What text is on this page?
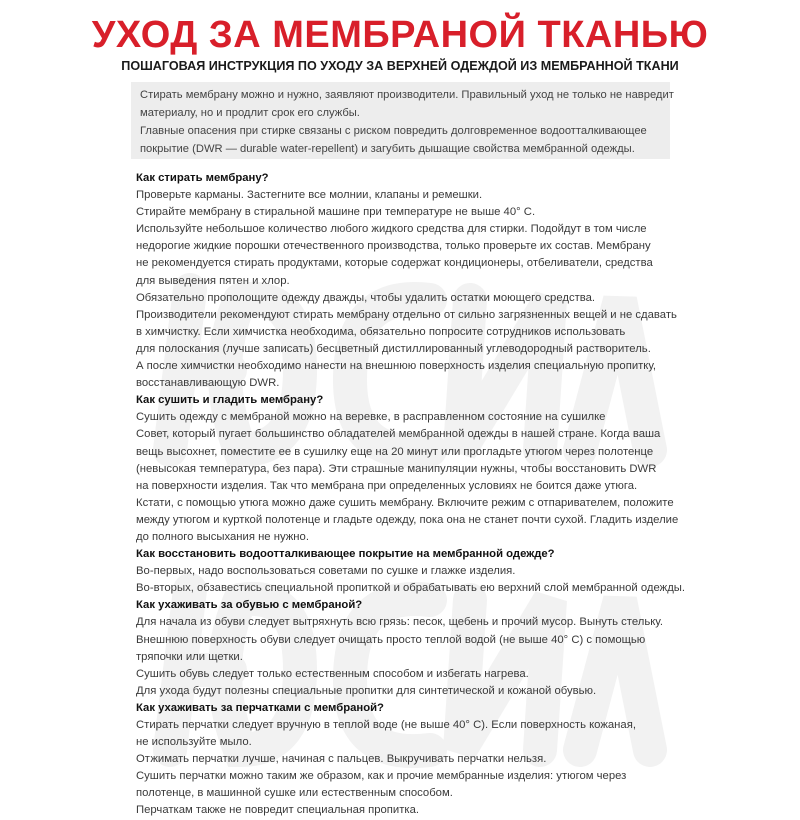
УХОД ЗА МЕМБРАНОЙ ТКАНЬЮ
ПОШАГОВАЯ ИНСТРУКЦИЯ ПО УХОДУ ЗА ВЕРХНЕЙ ОДЕЖДОЙ ИЗ МЕМБРАННОЙ ТКАНИ
Стирать мембрану можно и нужно, заявляют производители. Правильный уход не только не навредит
материалу, но и продлит срок его службы.
Главные опасения при стирке связаны с риском повредить долговременное водоотталкивающее
покрытие (DWR — durable water-repellent) и загубить дышащие свойства мембранной одежды.
Как стирать мембрану?
Проверьте карманы. Застегните все молнии, клапаны и ремешки.
Стирайте мембрану в стиральной машине при температуре не выше 40° С.
Используйте небольшое количество любого жидкого средства для стирки. Подойдут в том числе
недорогие жидкие порошки отечественного производства, только проверьте их состав. Мембрану
не рекомендуется стирать продуктами, которые содержат кондиционеры, отбеливатели, средства
для выведения пятен и хлор.
Обязательно прополощите одежду дважды, чтобы удалить остатки моющего средства.
Производители рекомендуют стирать мембрану отдельно от сильно загрязненных вещей и не сдавать
в химчистку. Если химчистка необходима, обязательно попросите сотрудников использовать
для полоскания (лучше записать) бесцветный дистиллированный углеводородный растворитель.
А после химчистки необходимо нанести на внешнюю поверхность изделия специальную пропитку,
восстанавливающую DWR.
Как сушить и гладить мембрану?
Сушить одежду с мембраной можно на веревке, в расправленном состояние на сушилке
Совет, который пугает большинство обладателей мембранной одежды в нашей стране. Когда ваша
вещь высохнет, поместите ее в сушилку еще на 20 минут или прогладьте утюгом через полотенце
(невысокая температура, без пара). Эти страшные манипуляции нужны, чтобы восстановить DWR
на поверхности изделия. Так что мембрана при определенных условиях не боится даже утюга.
Кстати, с помощью утюга можно даже сушить мембрану. Включите режим с отпаривателем, положите
между утюгом и курткой полотенце и гладьте одежду, пока она не станет почти сухой. Гладить изделие
до полного высыхания не нужно.
Как восстановить водоотталкивающее покрытие на мембранной одежде?
Во-первых, надо воспользоваться советами по сушке и глажке изделия.
Во-вторых, обзавестись специальной пропиткой и обрабатывать ею верхний слой мембранной одежды.
Как ухаживать за обувью с мембраной?
Для начала из обуви следует вытряхнуть всю грязь: песок, щебень и прочий мусор. Вынуть стельку.
Внешнюю поверхность обуви следует очищать просто теплой водой (не выше 40° С) с помощью
тряпочки или щетки.
Сушить обувь следует только естественным способом и избегать нагрева.
Для ухода будут полезны специальные пропитки для синтетической и кожаной обувью.
Как ухаживать за перчатками с мембраной?
Стирать перчатки следует вручную в теплой воде (не выше 40° С). Если поверхность кожаная,
не используйте мыло.
Отжимать перчатки лучше, начиная с пальцев. Выкручивать перчатки нельзя.
Сушить перчатки можно таким же образом, как и прочие мембранные изделия: утюгом через
полотенце, в машинной сушке или естественным способом.
Перчаткам также не повредит специальная пропитка.
